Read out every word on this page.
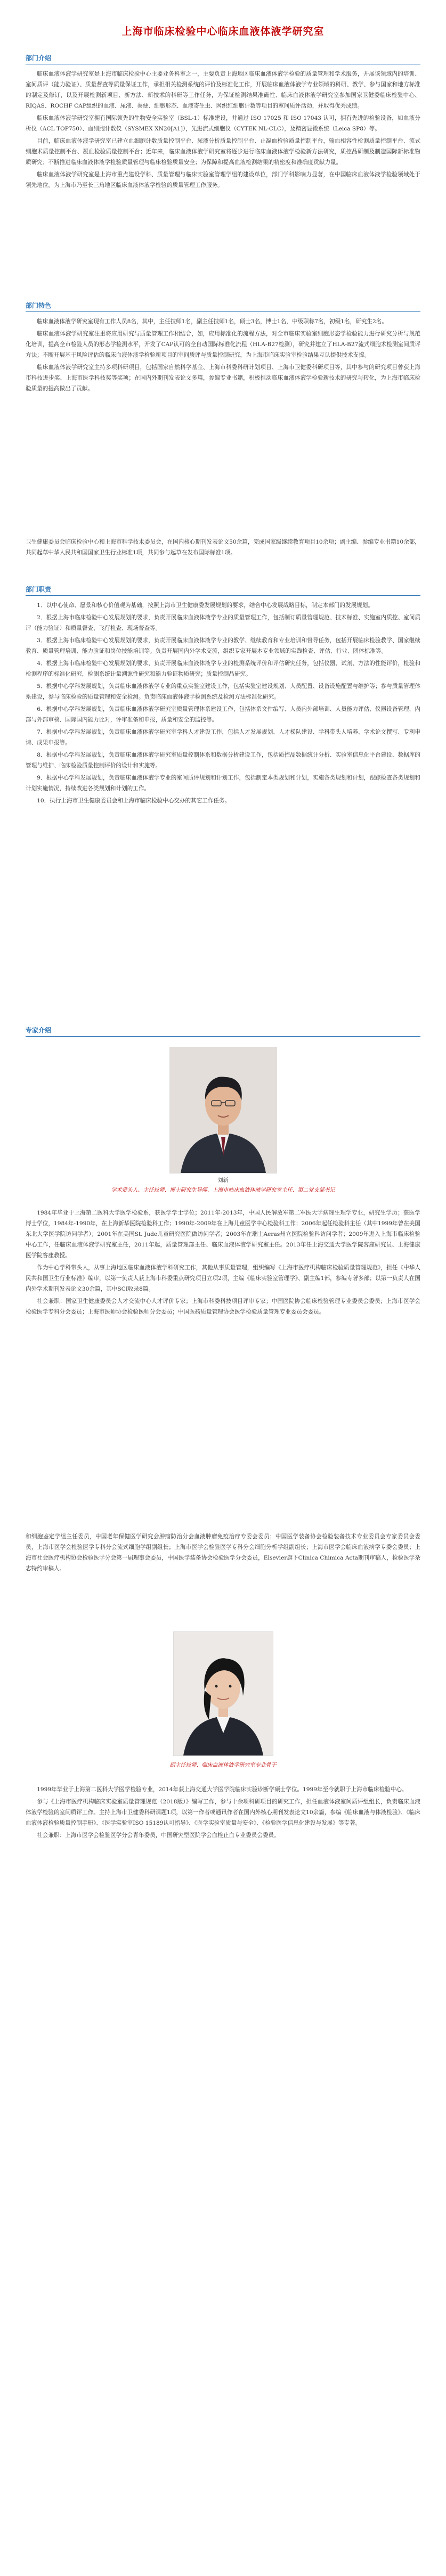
上海市临床检验中心临床血液体液学研究室
部门介绍

临床血液体液学研究室是上海市临床检验中心主要业务科室之一，主要负责上海地区临床血液体液学检验的质量管理和学术服务，开展该领域内的培训、室间质评（能力验证）、质量督查等质量保证工作，承担相关检测系统的评价及标准化工作，开展临床血液体液学专业领域的科研、教学、参与国家和地方标准的制定及修订，以及开展检测新项目、新方法、新技术的科研等工作任务，为保证检测结果准确性、临床血液体液学研究室参加国家卫健委临床检验中心、RIQAS、ROCHF CAP组织的血液、尿液、粪便、细胞形态、血液寄生虫、网织红细胞计数等项目的室间质评活动，并取得优秀成绩。

临床血液体液学研究室拥有国际领先的生物安全实验室（BSL-1）标准建设，并通过 ISO 17025 和 ISO 17043 认可，拥有先进的检验设备，如血液分析仪（ACL TOP750）、血细胞计数仪（SYSMEX XN20[A1]），先进流式细胞仪（CYTEK NL-CLC），及精密显微系统（Leica SP8）等。

目前，临床血液体液学研究室已建立血细胞计数质量控制平台、尿液分析质量控制平台、止凝血检验质量控制平台，输血相容性检测质量控制平台、流式细胞术质量控制平台、凝血检验质量控制平台；近年来，临床血液体液学研究室将逐步进行临床血液体液学检验新方法研究，质控品研制及制造国际新标准物质研究；不断推进临床血液体液学检验质量管理与临床检验质量安全；为保障和提高血液检测结果的精密度和准确度贡献力量。

临床血液体液学研究室是上海市重点建设学科、质量管理与临床实验室管理学组的建设单位，部门学科影响力显著，在中国临床血液体液学检验领域处于领先地位。为上海市乃至长三角地区临床血液体液学检验的质量管理工作服务。

部门特色

临床血液体液学研究室现有工作人员8名，其中，主任技师1名，副主任技师1名，硕士3名，博士1名，中级职称7名，初级1名，研究生2名。

临床血液体液学研究室注重将应用研究与质量管理工作相结合，如，应用标准化的流程方法，对全市临床实验室细胞形态学检验能力进行研究分析与规范化培训，提高全市检验人员的形态学检测水平，开发了CAP认可的全自动国际标准化流程（HLA-B27检测），研究并建立了HLA-B27流式细胞术检测室间质评方法；不断开展基于风险评估的临床血液体液学检验新项目的室间质评与质量控制研究，为上海市临床实验室检验结果互认提供技术支撑。

临床血液体液学研究室主持多项科研项目，包括国家自然科学基金、上海市科委科研计划项目、上海市卫健委科研项目等，其中参与的研究项目曾获上海市科技进步奖、上海市医学科技奖等奖项；在国内外期刊发表论文多篇，参编专业书籍，积极推动临床血液体液学检验新技术的研究与转化，为上海市临床检验质量的提高做出了贡献。

卫生健康委员会临床检验中心和上海市科学技术委员会，在国内核心期刊发表论文50余篇，完成国家级继续教育项目10余项；副主编、参编专业书籍10余部，共同起草中华人民共和国国家卫生行业标准1项，共同参与起草在发布国际标准1项。

部门职责

1．以中心使命、愿景和核心价值观为基础，按照上海市卫生健康委发展规划的要求，结合中心发展战略目标，制定本部门的发展规划。

2．根据上海市临床检验中心发展规划的要求，负责开展临床血液体液学专业的质量管理工作，包括制订质量管理规范、技术标准、实施室内质控、室间质评（能力验证）和质量督查、飞行检查、现场督查等。

3．根据上海市临床检验中心发展规划的要求，负责开展临床血液体液学专业的教学、继续教育和专业培训和督导任务，包括开展临床检验教学、国家继续教育、质量管理培训、能力验证和岗位技能培训等。负责开展国内外学术交流，组织专家开展本专业领域的实践检查、评估、行业、团体标准等。

4．根据上海市临床检验中心发展规划的要求，负责开展临床血液体液学专业的检测系统评价和评估研究任务，包括仪器、试剂、方法的性能评价，检验和检测程序的标准化研究，检测系统计量溯源性研究和能力验证物质研究；质量控制品研究。

5．根据中心学科发展规划，负责临床血液体液学专业的重点实验室建设工作，包括实验室建设规划、人员配置、设备设施配置与维护等；参与质量管理体系建设，参与临床检验的质量管理和安全检测。负责临床血液体液学检测系统及检测方法标准化研究。

6．根据中心学科发展规划，负责临床血液体液学研究室质量管理体系建设工作，包括体系文件编写、人员内外部培训、人员能力评估、仪器设备管理，内部与外部审核、国际国内能力比对，评审准备和申报，质量和安全的监控等。

7．根据中心学科发展规划，负责临床血液体液学研究室学科人才建设工作，包括人才发展规划、人才梯队建设、学科带头人培养、学术论文撰写、专利申请、成果申报等。

8．根据中心学科发展规划，负责临床血液体液学研究室质量控制体系和数据分析建设工作，包括质控品数据统计分析、实验室信息化平台建设、数据库的管理与维护、临床检验质量控制评价的设计和实施等。

9．根据中心学科发展规划，负责临床血液体液学专业的室间质评规划和计划工作，包括制定本类规划和计划，实施各类规划和计划，跟踪检查各类规划和计划实施情况，持续改进各类规划和计划的工作。

10．执行上海市卫生健康委员会和上海市临床检验中心交办的其它工作任务。

专家介绍
刘新
学术带头人、主任技师、博士研究生导师、上海市临床血液体液学研究室主任、第二党支部书记

1984年毕业于上海第二医科大学医学检验系，获医学学士学位；2011年-2013年，中国人民解放军第二军医大学病理生理学专业，研究生学历；获医学博士学位，1984年-1990年，在上海新华医院检验科工作；1990年-2009年在上海儿童医学中心检验科工作；2006年起任检验科主任（其中1999年曾在美国东北大学医学院访问学者）；2001年在美国St. Jude儿童研究医院做访问学者；2003年在瑞士Aeras州立医院检验科访问学者；2009年进入上海市临床检验中心工作，任临床血液体液学研究室主任，2011年起，质量管理部主任、临床血液体液学研究室主任。2013年任上海交通大学医学院客座研究员、上海健康医学院客座教授。

作为中心学科带头人，从事上海地区临床血液体液学科研究工作，其他从事质量管理，组织编写《上海市医疗机构临床检验质量管理规范》，担任《中华人民共和国卫生行业标准》编审，以第一负责人获上海市科委重点研究项目立项2项，主编《临床实验室管理学》、副主编1部，参编专著多部；以第一负责人在国内外学术期刊发表论文30余篇，其中SCI收录8篇。

社会兼职：国家卫生健康委员会人才交流中心人才评价专家；上海市科委科技项目评审专家；中国医院协会临床检验管理专业委员会委员；上海市医学会检验医学专科分会委员；上海市医师协会检验医师分会委员；中国医药质量管理协会医学检验质量管理专业委员会委员。

和细胞鉴定学组主任委员，中国老年保健医学研究会肿瘤防治分会血液肿瘤免疫治疗专委会委员；中国医学装备协会检验装备技术专业委员会专家委员会委员，上海市医学会检验医学专科分会流式细胞学组副组长；上海市医学会检验医学专科分会细胞分析学组副组长；上海市医学会临床血液病学专委会委员；上海市社会医疗机构协会检验医学分会第一届理事会委员，中国医学装备协会检验医学分会委员，Elsevier旗下Clinica Chimica Acta期刊审稿人，检验医学杂志特约审稿人。

副主任技师、临床血液体液学研究室专业骨干

1999年毕业于上海第二医科大学医学检验专业，2014年获上海交通大学医学院临床实验诊断学硕士学位。1999年至今就职于上海市临床检验中心。

参与《上海市医疗机构临床实验室质量管理规范（2018版）》编写工作，参与十余项科研项目的研究工作，担任血液体液室间质评组组长，负责临床血液体液学检验的室间质评工作。主持上海市卫健委科研课题1项，以第一作者或通讯作者在国内外核心期刊发表论文10余篇，参编《临床血液与体液检验》、《临床血液体液检验质量控制手册》、《医学实验室ISO 15189认可指导》、《医学实验室质量与安全》、《检验医学信息化建设与发展》等专著。

社会兼职：上海市医学会检验医学分会青年委员，中国研究型医院学会血栓止血专业委员会委员。
